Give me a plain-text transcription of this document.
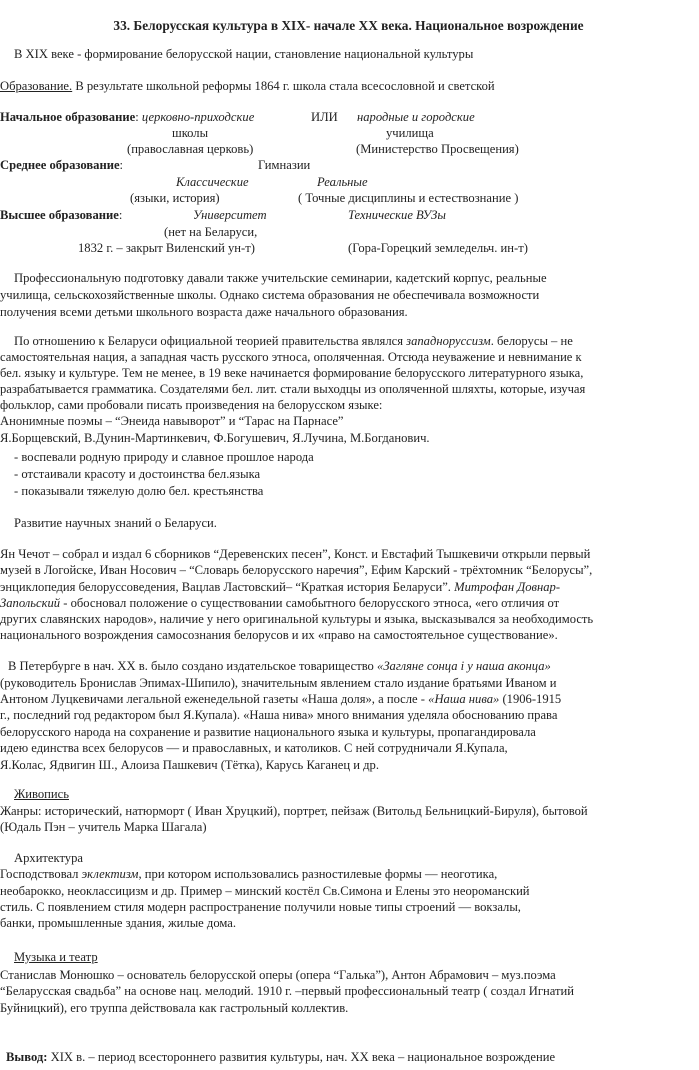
33. Белорусская культура в XIX- начале XX века. Национальное возрождение
В XIX веке - формирование белорусской нации, становление национальной культуры
Образование. В результате школьной реформы 1864 г. школа стала всесословной и светской
Начальное образование: церковно-приходские	ИЛИ народные и городские
школы	училища
(православная церковь)	(Министерство Просвещения)
Среднее образование:	Гимназии
Классические	Реальные
(языки, история)	( Точные дисциплины и естествознание )
Высшее образование:	Университет	Технические ВУЗы
(нет на Беларуси,
1832 г. – закрыт Виленский ун-т)	(Гора-Горецкий земледельч. ин-т)
Профессиональную подготовку давали также учительские семинарии, кадетский корпус, реальные
училища, сельскохозяйственные школы. Однако система образования не обеспечивала возможности
получения всеми детьми школьного возраста даже начального образования.
По отношению к Беларуси официальной теорией правительства являлся западноруссизм. белорусы – не
самостоятельная нация, а западная часть русского этноса, ополяченная. Отсюда неуважение и невнимание к
бел. языку и культуре. Тем не менее, в 19 веке начинается формирование белорусского литературного языка,
разрабатывается грамматика. Создателями бел. лит. стали выходцы из ополяченной шляхты, которые, изучая
фольклор, сами пробовали писать произведения на белорусском языке:
Анонимные поэмы – “Энеида навыворот” и “Тарас на Парнасе”
Я.Борщевский, В.Дунин-Мартинкевич, Ф.Богушевич, Я.Лучина, М.Богданович.
- воспевали родную природу и славное прошлое народа
- отстаивали красоту и достоинства бел.языка
- показывали тяжелую долю бел. крестьянства
Развитие научных знаний о Беларуси.
Ян Чечот – собрал и издал 6 сборников “Деревенских песен”, Конст. и Евстафий Тышкевичи открыли первый
музей в Логойске, Иван Носович – “Словарь белорусского наречия”, Ефим Карский - трёхтомник “Белорусы”,
энциклопедия белоруссоведения, Вацлав Ластовский– “Краткая история Беларуси”. Митрофан Довнар-
Запольский - обосновал положение о существовании самобытного белорусского этноса, «его отличия от
других славянских народов», наличие у него оригинальной культуры и языка, высказывался за необходимость
национального возрождения самосознания белорусов и их «право на самостоятельное существование».
В Петербурге в нач. XX в. было создано издательское товарищество «Загляне сонца і у наша аконца»
(руководитель Бронислав Эпимах-Шипило), значительным явлением стало издание братьями Иваном и
Антоном Луцкевичами легальной еженедельной газеты «Наша доля», а после - «Наша нива» (1906-1915
г., последний год редактором был Я.Купала). «Наша нива» много внимания уделяла обоснованию права
белорусского народа на сохранение и развитие национального языка и культуры, пропагандировала
идею единства всех белорусов — и православных, и католиков. С ней сотрудничали Я.Купала,
Я.Колас, Ядвигин Ш., Алоиза Пашкевич (Тётка), Карусь Каганец и др.
Живопись
Жанры: исторический, натюрморт ( Иван Хруцкий), портрет, пейзаж (Витольд Бельницкий-Бируля), бытовой
(Юдаль Пэн – учитель Марка Шагала)
Архитектура
Господствовал эклектизм, при котором использовались разностилевые формы — неоготика,
необарокко, неоклассицизм и др. Пример – минский костёл Св.Симона и Елены это неороманский
стиль. С появлением стиля модерн распространение получили новые типы строений — вокзалы,
банки, промышленные здания, жилые дома.
Музыка и театр
Станислав Монюшко – основатель белорусской оперы (опера “Галька”), Антон Абрамович – муз.поэма
“Беларусская свадьба” на основе нац. мелодий. 1910 г. –первый профессиональный театр ( создал Игнатий
Буйницкий), его труппа действовала как гастрольный коллектив.
Вывод: XIX в. – период всестороннего развития культуры, нач. XX века – национальное возрождение
